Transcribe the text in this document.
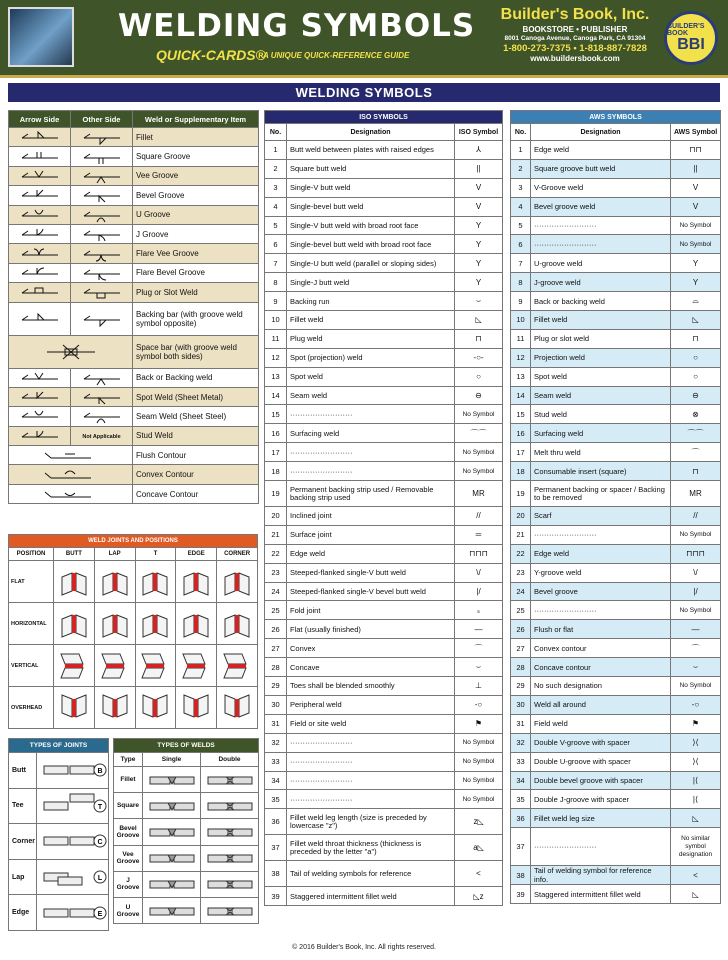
WELDING SYMBOLS
QUICK-CARDS®
A UNIQUE QUICK-REFERENCE GUIDE
Builder's Book, Inc.
BOOKSTORE • PUBLISHER
8001 Canoga Avenue, Canoga Park, CA 91304
1-800-273-7375 • 1-818-887-7828
www.buildersbook.com
BUILDER'S BOOK
BBI
WELDING SYMBOLS
Arrow Side	Other Side	Weld or Supplementary Item

	Fillet

	Square Groove

	Vee Groove

	Bevel Groove

	U Groove

	J Groove

	Flare Vee Groove

	Flare Bevel Groove

	Plug or Slot Weld

	Backing bar (with groove weld symbol opposite)

	Space bar (with groove weld symbol both sides)

	Back or Backing weld

	Spot Weld (Sheet Metal)

	Seam Weld (Sheet Steel)

	Not Applicable	Stud Weld

	Flush Contour

	Convex Contour

	Concave Contour
ISO SYMBOLS		
No.	Designation	ISO Symbol
1	Butt weld between plates with raised edges	⅄
2	Square butt weld	||
3	Single-V butt weld	V
4	Single-bevel butt weld	V
5	Single-V butt weld with broad root face	Y
6	Single-bevel butt weld with broad root face	Y
7	Single-U butt weld (parallel or sloping sides)	Y
8	Single-J butt weld	Y
9	Backing run	⌣
10	Fillet weld	◺
11	Plug weld	⊓
12	Spot (projection) weld	-○-
13	Spot weld	○
14	Seam weld	⊖
15	·························	No Symbol
16	Surfacing weld	⌒⌒
17	·························	No Symbol
18	·························	No Symbol
19	Permanent backing strip used / Removable backing strip used	MR
20	Inclined joint	//
21	Surface joint	═
22	Edge weld	⊓⊓⊓
23	Steeped-flanked single-V butt weld	\/
24	Steeped-flanked single-V bevel butt weld	|/
25	Fold joint	ₛ
26	Flat (usually finished)	—
27	Convex	⌒
28	Concave	⌣
29	Toes shall be blended smoothly	⊥
30	Peripheral weld	-○
31	Field or site weld	⚑
32	·························	No Symbol
33	·························	No Symbol
34	·························	No Symbol
35	·························	No Symbol
36	Fillet weld leg length (size is preceded by lowercase "z")	z◺
37	Fillet weld throat thickness (thickness is preceded by the letter "a")	a◺
38	Tail of welding symbols for reference	<
39	Staggered intermittent fillet weld	◺z
AWS SYMBOLS		
No.	Designation	AWS Symbol
1	Edge weld	⊓⊓
2	Square groove butt weld	||
3	V-Groove weld	V
4	Bevel groove weld	V
5	·························	No Symbol
6	·························	No Symbol
7	U-groove weld	Y
8	J-groove weld	Y
9	Back or backing weld	⌓
10	Fillet weld	◺
11	Plug or slot weld	⊓
12	Projection weld	○
13	Spot weld	○
14	Seam weld	⊖
15	Stud weld	⊗
16	Surfacing weld	⌒⌒
17	Melt thru weld	⌒
18	Consumable insert (square)	⊓
19	Permanent backing or spacer / Backing to be removed	MR
20	Scarf	//
21	·························	No Symbol
22	Edge weld	⊓⊓⊓
23	Y-groove weld	\/
24	Bevel groove	|/
25	·························	No Symbol
26	Flush or flat	—
27	Convex contour	⌒
28	Concave contour	⌣
29	No such designation	No Symbol
30	Weld all around	-○
31	Field weld	⚑
32	Double V-groove with spacer	⟩⟨
33	Double U-groove with spacer	⟩⟨
34	Double bevel groove with spacer	|⟨
35	Double J-groove with spacer	|⟨
36	Fillet weld leg size	◺
37	·························	No similar symbol designation
38	Tail of welding symbol for reference info.	<
39	Staggered intermittent fillet weld	◺
WELD JOINTS AND POSITIONS					
POSITION	BUTT	LAP	T	EDGE	CORNER
FLAT	

HORIZONTAL	

VERTICAL	

OVERHEAD	

TYPES OF JOINTS	
Butt	B

Tee	T

Corner	C

Lap	L

Edge	E
TYPES OF WELDS		
Type	Single	Double
Fillet	

Square	

Bevel Groove	

Vee Groove	

J Groove	

U Groove	

© 2016 Builder's Book, Inc. All rights reserved.
